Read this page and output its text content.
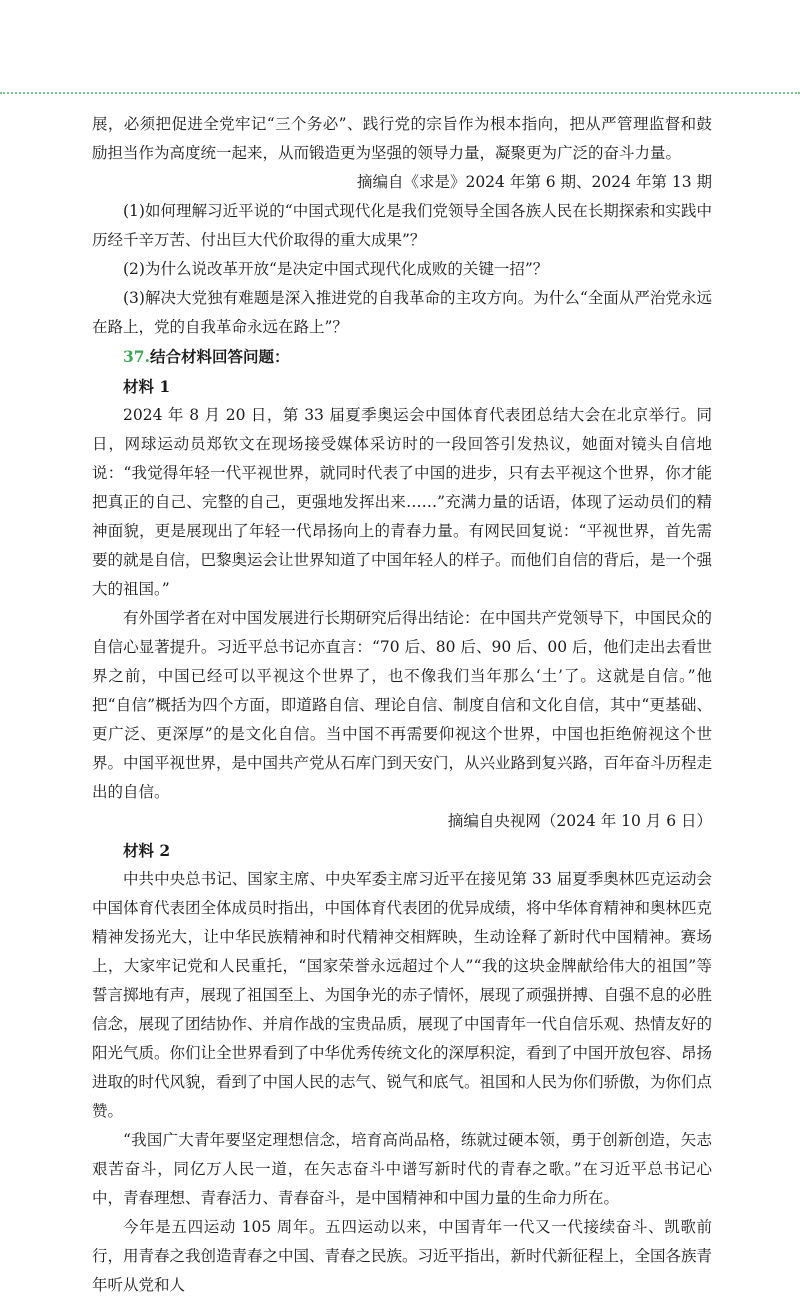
展，必须把促进全党牢记“三个务必”、践行党的宗旨作为根本指向，把从严管理监督和鼓励担当作为高度统一起来，从而锻造更为坚强的领导力量，凝聚更为广泛的奋斗力量。

摘编自《求是》2024 年第 6 期、2024 年第 13 期

(1)如何理解习近平说的“中国式现代化是我们党领导全国各族人民在长期探索和实践中历经千辛万苦、付出巨大代价取得的重大成果”？

(2)为什么说改革开放“是决定中国式现代化成败的关键一招”？

(3)解决大党独有难题是深入推进党的自我革命的主攻方向。为什么“全面从严治党永远在路上，党的自我革命永远在路上”？

37.结合材料回答问题：

材料 1

2024 年 8 月 20 日，第 33 届夏季奥运会中国体育代表团总结大会在北京举行。同日，网球运动员郑钦文在现场接受媒体采访时的一段回答引发热议，她面对镜头自信地说：“我觉得年轻一代平视世界，就同时代表了中国的进步，只有去平视这个世界，你才能把真正的自己、完整的自己，更强地发挥出来……”充满力量的话语，体现了运动员们的精神面貌，更是展现出了年轻一代昂扬向上的青春力量。有网民回复说：“平视世界，首先需要的就是自信，巴黎奥运会让世界知道了中国年轻人的样子。而他们自信的背后，是一个强大的祖国。”

有外国学者在对中国发展进行长期研究后得出结论：在中国共产党领导下，中国民众的自信心显著提升。习近平总书记亦直言：“70 后、80 后、90 后、00 后，他们走出去看世界之前，中国已经可以平视这个世界了，也不像我们当年那么‘土’了。这就是自信。”他把“自信”概括为四个方面，即道路自信、理论自信、制度自信和文化自信，其中“更基础、更广泛、更深厚”的是文化自信。当中国不再需要仰视这个世界，中国也拒绝俯视这个世界。中国平视世界，是中国共产党从石库门到天安门，从兴业路到复兴路，百年奋斗历程走出的自信。

摘编自央视网（2024 年 10 月 6 日）

材料 2

中共中央总书记、国家主席、中央军委主席习近平在接见第 33 届夏季奥林匹克运动会中国体育代表团全体成员时指出，中国体育代表团的优异成绩，将中华体育精神和奥林匹克精神发扬光大，让中华民族精神和时代精神交相辉映，生动诠释了新时代中国精神。赛场上，大家牢记党和人民重托，“国家荣誉永远超过个人”“我的这块金牌献给伟大的祖国”等誓言掷地有声，展现了祖国至上、为国争光的赤子情怀，展现了顽强拼搏、自强不息的必胜信念，展现了团结协作、并肩作战的宝贵品质，展现了中国青年一代自信乐观、热情友好的阳光气质。你们让全世界看到了中华优秀传统文化的深厚积淀，看到了中国开放包容、昂扬进取的时代风貌，看到了中国人民的志气、锐气和底气。祖国和人民为你们骄傲，为你们点赞。

“我国广大青年要坚定理想信念，培育高尚品格，练就过硬本领，勇于创新创造，矢志艰苦奋斗，同亿万人民一道，在矢志奋斗中谱写新时代的青春之歌。”在习近平总书记心中，青春理想、青春活力、青春奋斗，是中国精神和中国力量的生命力所在。

今年是五四运动 105 周年。五四运动以来，中国青年一代又一代接续奋斗、凯歌前行，用青春之我创造青春之中国、青春之民族。习近平指出，新时代新征程上，全国各族青年听从党和人
